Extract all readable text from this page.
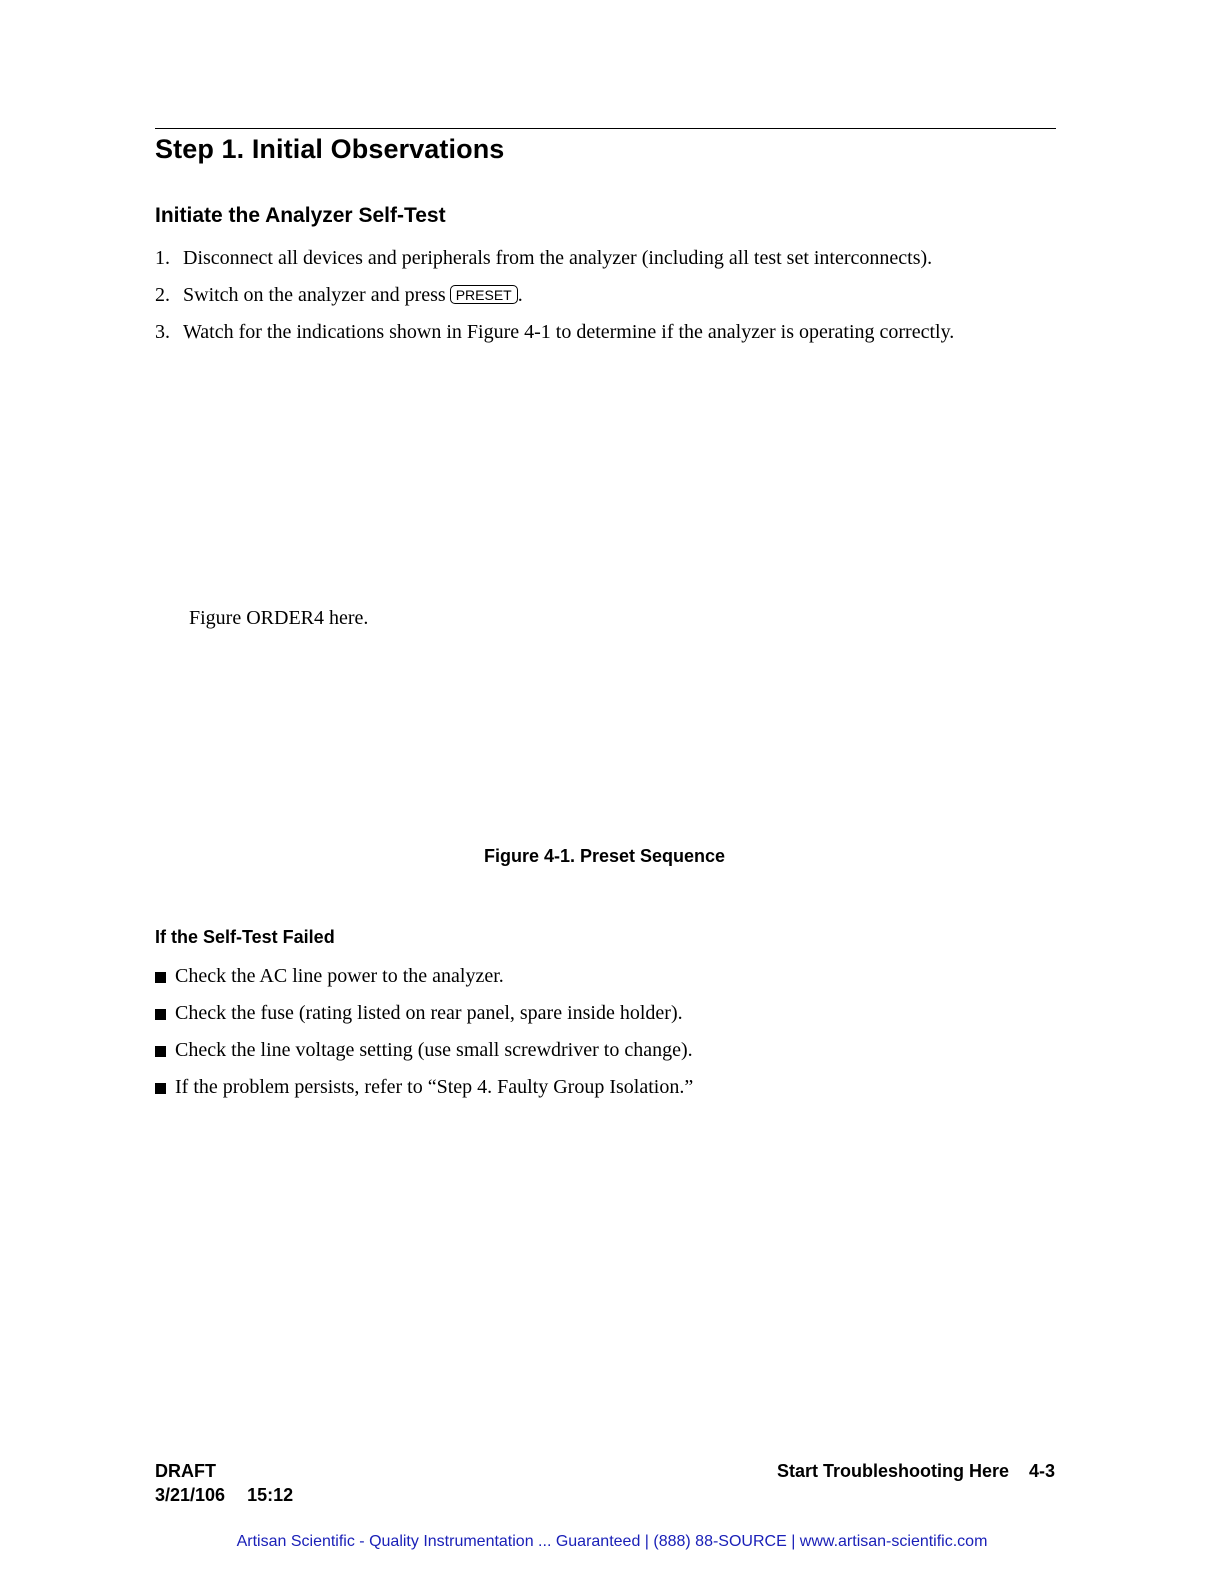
Step 1. Initial Observations
Initiate the Analyzer Self-Test
1. Disconnect all devices and peripherals from the analyzer (including all test set interconnects).
2. Switch on the analyzer and press PRESET .
3. Watch for the indications shown in Figure 4-1 to determine if the analyzer is operating correctly.
Figure ORDER4 here.
Figure 4-1. Preset Sequence
If the Self-Test Failed
Check the AC line power to the analyzer.
Check the fuse (rating listed on rear panel, spare inside holder).
Check the line voltage setting (use small screwdriver to change).
If the problem persists, refer to “Step 4. Faulty Group Isolation.”
DRAFT
3/21/106 15:12
Start Troubleshooting Here 4-3
Artisan Scientific - Quality Instrumentation ... Guaranteed | (888) 88-SOURCE | www.artisan-scientific.com
